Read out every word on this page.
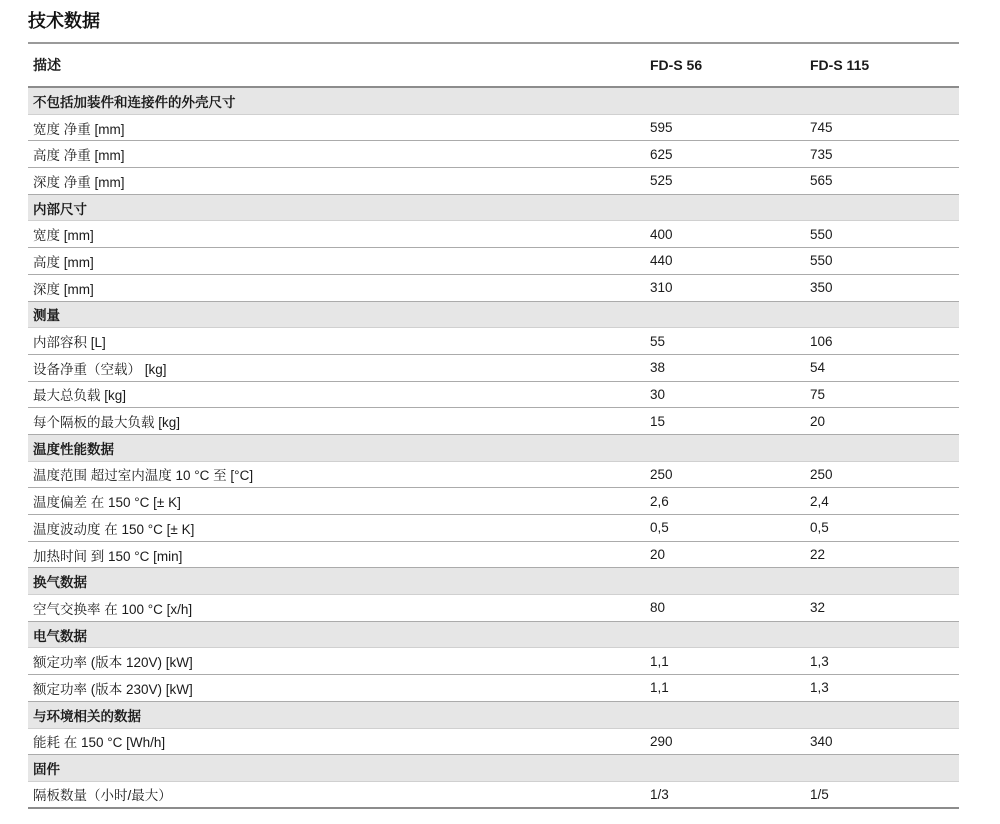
技术数据
描述	FD-S 56	FD-S 115
不包括加装件和连接件的外壳尺寸
宽度 净重 [mm]	595	745
高度 净重 [mm]	625	735
深度 净重 [mm]	525	565
内部尺寸
宽度 [mm]	400	550
高度 [mm]	440	550
深度 [mm]	310	350
测量
内部容积 [L]	55	106
设备净重（空载） [kg]	38	54
最大总负载 [kg]	30	75
每个隔板的最大负载 [kg]	15	20
温度性能数据
温度范围 超过室内温度 10 °C 至 [°C]	250	250
温度偏差 在 150 °C [± K]	2,6	2,4
温度波动度 在 150 °C [± K]	0,5	0,5
加热时间 到 150 °C [min]	20	22
换气数据
空气交换率 在 100 °C [x/h]	80	32
电气数据
额定功率 (版本 120V) [kW]	1,1	1,3
额定功率 (版本 230V) [kW]	1,1	1,3
与环境相关的数据
能耗 在 150 °C [Wh/h]	290	340
固件
隔板数量（小时/最大）	1/3	1/5
